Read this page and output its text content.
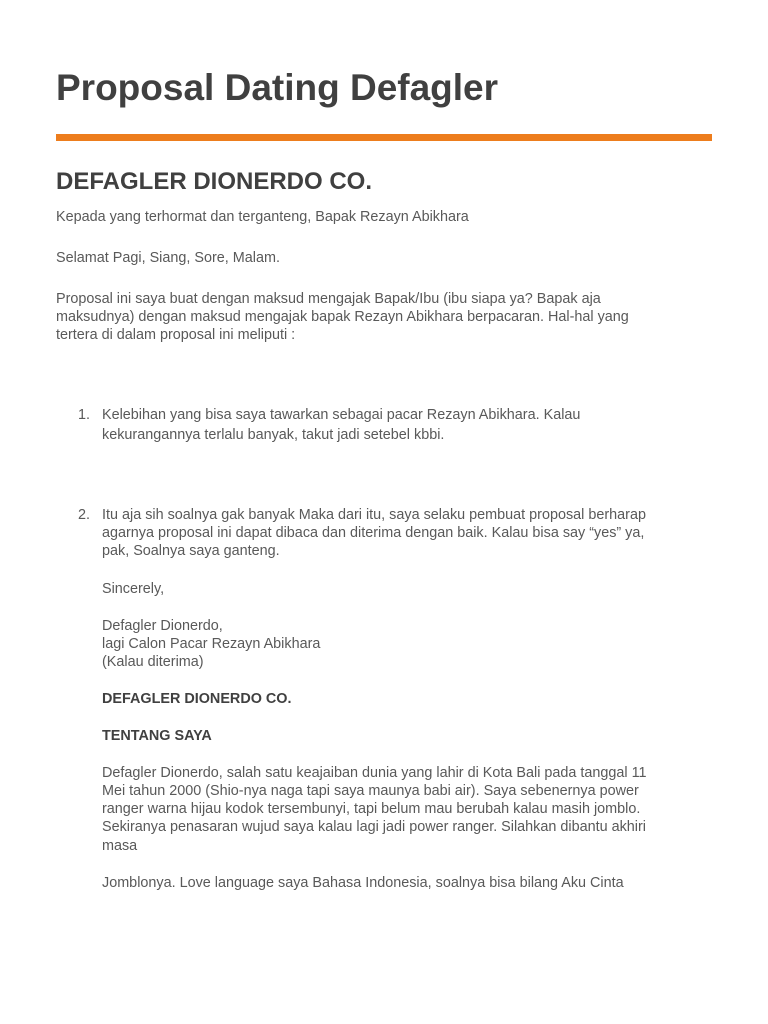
Proposal Dating Defagler
DEFAGLER DIONERDO CO.

Kepada yang terhormat dan terganteng, Bapak Rezayn Abikhara

Selamat Pagi, Siang, Sore, Malam.

Proposal ini saya buat dengan maksud mengajak Bapak/Ibu (ibu siapa ya? Bapak aja

maksudnya) dengan maksud mengajak bapak Rezayn Abikhara berpacaran. Hal-hal yang

tertera di dalam proposal ini meliputi :

1. Kelebihan yang bisa saya tawarkan sebagai pacar Rezayn Abikhara. Kalau

kekurangannya terlalu banyak, takut jadi setebel kbbi.

2. Itu aja sih soalnya gak banyak Maka dari itu, saya selaku pembuat proposal berharap

agarnya proposal ini dapat dibaca dan diterima dengan baik. Kalau bisa say “yes” ya,

pak, Soalnya saya ganteng.

Sincerely,

Defagler Dionerdo,

lagi Calon Pacar Rezayn Abikhara

(Kalau diterima)

DEFAGLER DIONERDO CO.

TENTANG SAYA

Defagler Dionerdo, salah satu keajaiban dunia yang lahir di Kota Bali pada tanggal 11

Mei tahun 2000 (Shio-nya naga tapi saya maunya babi air). Saya sebenernya power

ranger warna hijau kodok tersembunyi, tapi belum mau berubah kalau masih jomblo.

Sekiranya penasaran wujud saya kalau lagi jadi power ranger. Silahkan dibantu akhiri

masa

Jomblonya. Love language saya Bahasa Indonesia, soalnya bisa bilang Aku Cinta
